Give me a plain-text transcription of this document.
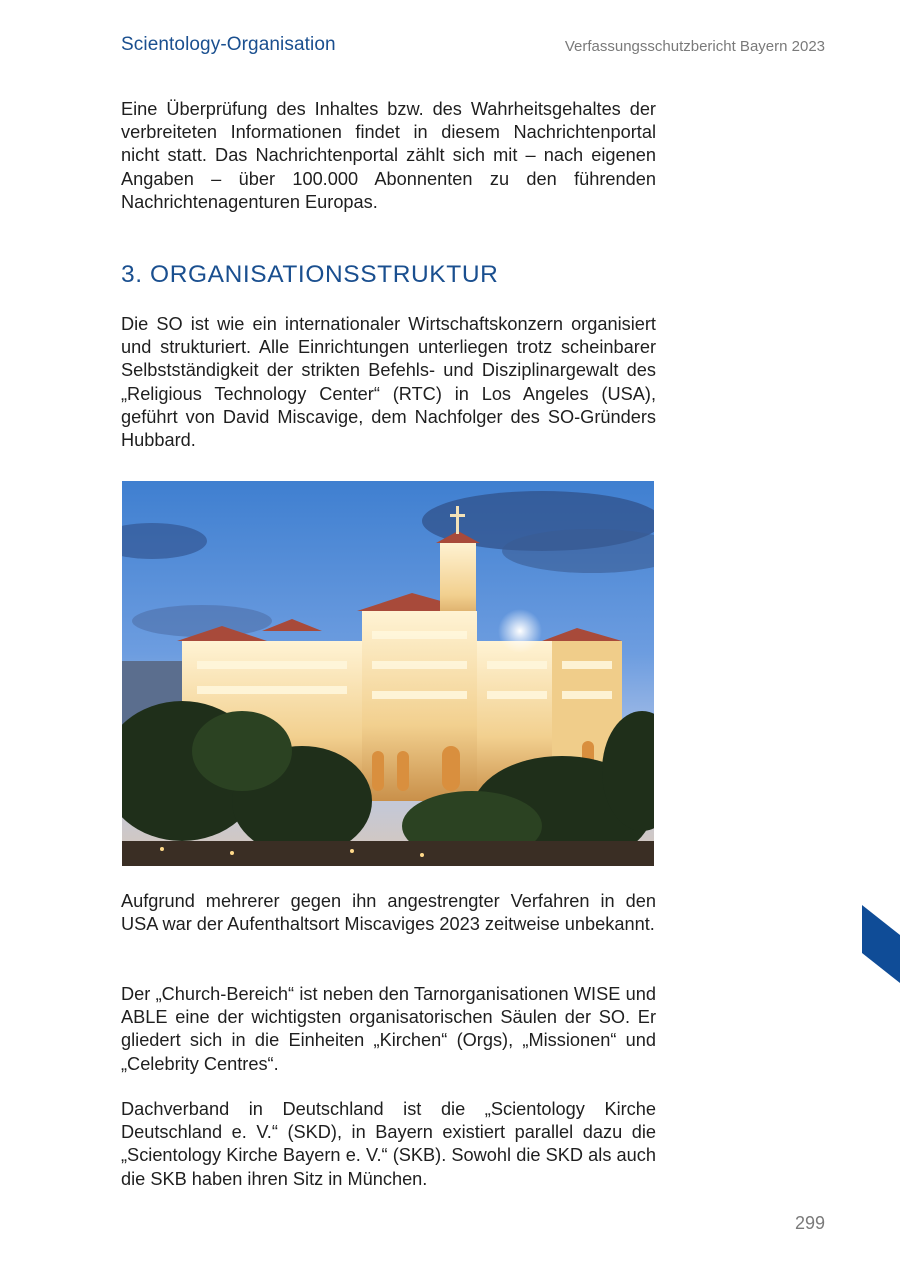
Scientology-Organisation	Verfassungsschutzbericht Bayern 2023

Eine Überprüfung des Inhaltes bzw. des Wahrheitsgehaltes der verbreiteten Informationen findet in diesem Nachrichtenportal nicht statt. Das Nachrichtenportal zählt sich mit – nach eigenen Angaben – über 100.000 Abonnenten zu den führenden Nachrichtenagenturen Europas.

3. ORGANISATIONSSTRUKTUR

Die SO ist wie ein internationaler Wirtschaftskonzern organisiert und strukturiert. Alle Einrichtungen unterliegen trotz scheinbarer Selbstständigkeit der strikten Befehls- und Disziplinargewalt des „Religious Technology Center“ (RTC) in Los Angeles (USA), geführt von David Miscavige, dem Nachfolger des SO-Gründers Hubbard.

Aufgrund mehrerer gegen ihn angestrengter Verfahren in den USA war der Aufenthaltsort Miscaviges 2023 zeitweise unbekannt.

Der „Church-Bereich“ ist neben den Tarnorganisationen WISE und ABLE eine der wichtigsten organisatorischen Säulen der SO. Er gliedert sich in die Einheiten „Kirchen“ (Orgs), „Missionen“ und „Celebrity Centres“.

Dachverband in Deutschland ist die „Scientology Kirche Deutschland e. V.“ (SKD), in Bayern existiert parallel dazu die „Scientology Kirche Bayern e. V.“ (SKB). Sowohl die SKD als auch die SKB haben ihren Sitz in München.

299
